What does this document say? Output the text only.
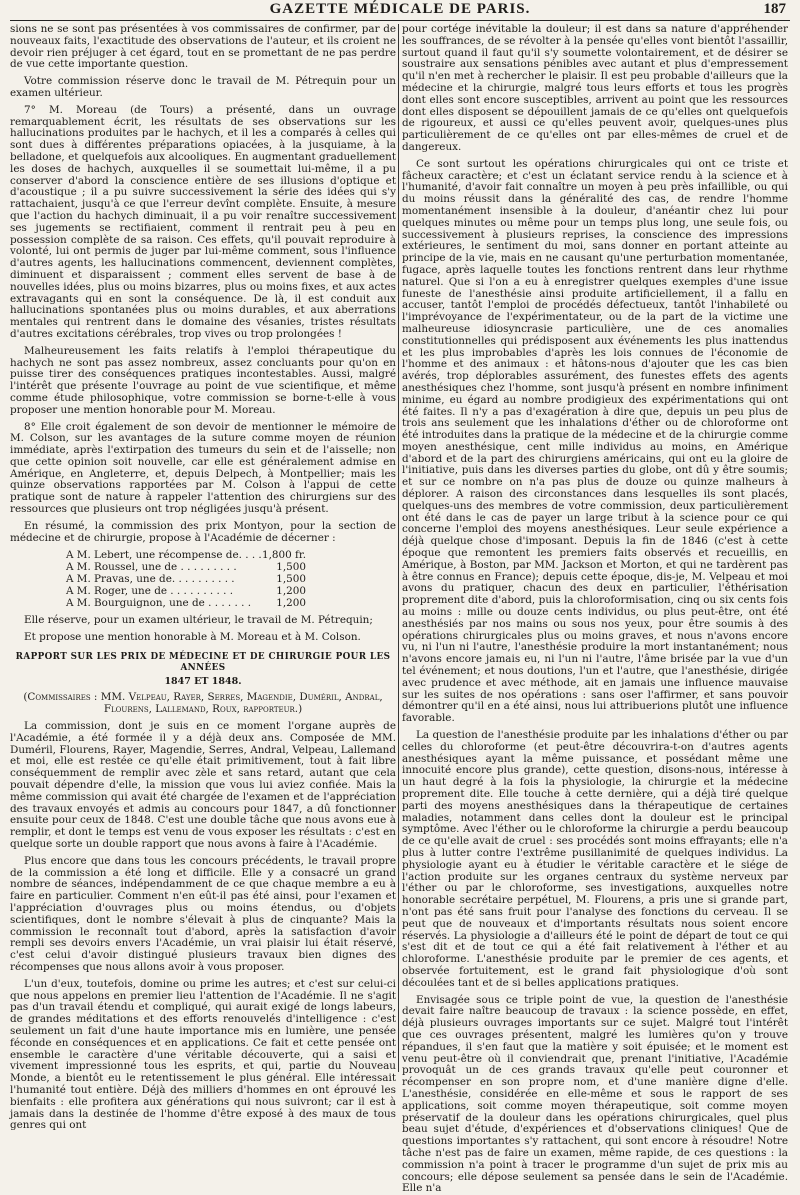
GAZETTE MÉDICALE DE PARIS.	187

sions ne se sont pas présentées à vos commissaires de confirmer, par de nouveaux faits, l'exactitude des observations de l'auteur, et ils croient ne devoir rien préjuger à cet égard, tout en se promettant de ne pas perdre de vue cette importante question.

Votre commission réserve donc le travail de M. Pétrequin pour un examen ultérieur.

7° M. Moreau (de Tours) a présenté, dans un ouvrage remarquablement écrit, les résultats de ses observations sur les hallucinations produites par le hachych, et il les a comparés à celles qui sont dues à différentes préparations opiacées, à la jusquiame, à la belladone, et quelquefois aux alcooliques. En augmentant graduellement les doses de hachych, auxquelles il se soumettait lui-même, il a pu conserver d'abord la conscience entière de ses illusions d'optique et d'acoustique ; il a pu suivre successivement la série des idées qui s'y rattachaient, jusqu'à ce que l'erreur devînt complète. Ensuite, à mesure que l'action du hachych diminuait, il a pu voir renaître successivement ses jugements se rectifiaient, comment il rentrait peu à peu en possession complète de sa raison. Ces effets, qu'il pouvait reproduire à volonté, lui ont permis de juger par lui-même comment, sous l'influence d'autres agents, les hallucinations commencent, deviennent complètes, diminuent et disparaissent ; comment elles servent de base à de nouvelles idées, plus ou moins bizarres, plus ou moins fixes, et aux actes extravagants qui en sont la conséquence. De là, il est conduit aux hallucinations spontanées plus ou moins durables, et aux aberrations mentales qui rentrent dans le domaine des vésanies, tristes résultats d'autres excitations cérébrales, trop vives ou trop prolongées !

Malheureusement les faits relatifs à l'emploi thérapeutique du hachych ne sont pas assez nombreux, assez concluants pour qu'on en puisse tirer des conséquences pratiques incontestables. Aussi, malgré l'intérêt que présente l'ouvrage au point de vue scientifique, et même comme étude philosophique, votre commission se borne-t-elle à vous proposer une mention honorable pour M. Moreau.

8° Elle croit également de son devoir de mentionner le mémoire de M. Colson, sur les avantages de la suture comme moyen de réunion immédiate, après l'extirpation des tumeurs du sein et de l'aisselle; non que cette opinion soit nouvelle, car elle est généralement admise en Amérique, en Angleterre, et, depuis Delpech, à Montpellier; mais les quinze observations rapportées par M. Colson à l'appui de cette pratique sont de nature à rappeler l'attention des chirurgiens sur des ressources que plusieurs ont trop négligées jusqu'à présent.

En résumé, la commission des prix Montyon, pour la section de médecine et de chirurgie, propose à l'Académie de décerner :

A M. Lebert, une récompense de. . . . 1,800 fr.
A M. Roussel, une de . . . . . . . . .	1,500
A M. Pravas, une de. . . . . . . . . .	1,500
A M. Roger, une de . . . . . . . . . .	1,200
A M. Bourguignon, une de . . . . . . .	1,200

Elle réserve, pour un examen ultérieur, le travail de M. Pétrequin;

Et propose une mention honorable à M. Moreau et à M. Colson.

RAPPORT SUR LES PRIX DE MÉDECINE ET DE CHIRURGIE POUR LES ANNÉES
1847 ET 1848.
(Commissaires : MM. Velpeau, Rayer, Serres, Magendie, Duméril, Andral, Flourens, Lallemand, Roux, rapporteur.)

La commission, dont je suis en ce moment l'organe auprès de l'Académie, a été formée il y a déjà deux ans. Composée de MM. Duméril, Flourens, Rayer, Magendie, Serres, Andral, Velpeau, Lallemand et moi, elle est restée ce qu'elle était primitivement, tout à fait libre conséquemment de remplir avec zèle et sans retard, autant que cela pouvait dépendre d'elle, la mission que vous lui aviez confiée. Mais la même commission qui avait été chargée de l'examen et de l'appréciation des travaux envoyés et admis au concours pour 1847, a dû fonctionner ensuite pour ceux de 1848. C'est une double tâche que nous avons eue à remplir, et dont le temps est venu de vous exposer les résultats : c'est en quelque sorte un double rapport que nous avons à faire à l'Académie.

Plus encore que dans tous les concours précédents, le travail propre de la commission a été long et difficile. Elle y a consacré un grand nombre de séances, indépendamment de ce que chaque membre a eu à faire en particulier. Comment n'en eût-il pas été ainsi, pour l'examen et l'appréciation d'ouvrages plus ou moins étendus, ou d'objets scientifiques, dont le nombre s'élevait à plus de cinquante? Mais la commission le reconnaît tout d'abord, après la satisfaction d'avoir rempli ses devoirs envers l'Académie, un vrai plaisir lui était réservé, c'est celui d'avoir distingué plusieurs travaux bien dignes des récompenses que nous allons avoir à vous proposer.

L'un d'eux, toutefois, domine ou prime les autres; et c'est sur celui-ci que nous appelons en premier lieu l'attention de l'Académie. Il ne s'agit pas d'un travail étendu et compliqué, qui aurait exigé de longs labeurs, de grandes méditations et des efforts renouvelés d'intelligence : c'est seulement un fait d'une haute importance mis en lumière, une pensée féconde en conséquences et en applications. Ce fait et cette pensée ont ensemble le caractère d'une véritable découverte, qui a saisi et vivement impressionné tous les esprits, et qui, partie du Nouveau Monde, a bientôt eu le retentissement le plus général. Elle intéressait l'humanité tout entière. Déjà des milliers d'hommes en ont éprouvé les bienfaits : elle profitera aux générations qui nous suivront; car il est à jamais dans la destinée de l'homme d'être exposé à des maux de tous genres qui ont

pour cortége inévitable la douleur; il est dans sa nature d'appréhender les souffrances, de se révolter à la pensée qu'elles vont bientôt l'assaillir, surtout quand il faut qu'il s'y soumette volontairement, et de désirer se soustraire aux sensations pénibles avec autant et plus d'empressement qu'il n'en met à rechercher le plaisir. Il est peu probable d'ailleurs que la médecine et la chirurgie, malgré tous leurs efforts et tous les progrès dont elles sont encore susceptibles, arrivent au point que les ressources dont elles disposent se dépouillent jamais de ce qu'elles ont quelquefois de rigoureux, et aussi ce qu'elles peuvent avoir, quelques-unes plus particulièrement de ce qu'elles ont par elles-mêmes de cruel et de dangereux.

Ce sont surtout les opérations chirurgicales qui ont ce triste et fâcheux caractère; et c'est un éclatant service rendu à la science et à l'humanité, d'avoir fait connaître un moyen à peu près infaillible, ou qui du moins réussit dans la généralité des cas, de rendre l'homme momentanément insensible à la douleur, d'anéantir chez lui pour quelques minutes ou même pour un temps plus long, une seule fois, ou successivement à plusieurs reprises, la conscience des impressions extérieures, le sentiment du moi, sans donner en portant atteinte au principe de la vie, mais en ne causant qu'une perturbation momentanée, fugace, après laquelle toutes les fonctions rentrent dans leur rhythme naturel. Que si l'on a eu à enregistrer quelques exemples d'une issue funeste de l'anesthésie ainsi produite artificiellement, il a fallu en accuser, tantôt l'emploi de procédés défectueux, tantôt l'inhabileté ou l'imprévoyance de l'expérimentateur, ou de la part de la victime une malheureuse idiosyncrasie particulière, une de ces anomalies constitutionnelles qui prédisposent aux événements les plus inattendus et les plus improbables d'après les lois connues de l'économie de l'homme et des animaux : et hâtons-nous d'ajouter que les cas bien avérés, trop déplorables assurément, des funestes effets des agents anesthésiques chez l'homme, sont jusqu'à présent en nombre infiniment minime, eu égard au nombre prodigieux des expérimentations qui ont été faites. Il n'y a pas d'exagération à dire que, depuis un peu plus de trois ans seulement que les inhalations d'éther ou de chloroforme ont été introduites dans la pratique de la médecine et de la chirurgie comme moyen anesthésique, cent mille individus au moins, en Amérique d'abord et de la part des chirurgiens américains, qui ont eu la gloire de l'initiative, puis dans les diverses parties du globe, ont dû y être soumis; et sur ce nombre on n'a pas plus de douze ou quinze malheurs à déplorer. A raison des circonstances dans lesquelles ils sont placés, quelques-uns des membres de votre commission, deux particulièrement ont été dans le cas de payer un large tribut à la science pour ce qui concerne l'emploi des moyens anesthésiques. Leur seule expérience a déjà quelque chose d'imposant. Depuis la fin de 1846 (c'est à cette époque que remontent les premiers faits observés et recueillis, en Amérique, à Boston, par MM. Jackson et Morton, et qui ne tardèrent pas à être connus en France); depuis cette époque, dis-je, M. Velpeau et moi avons du pratiquer, chacun des deux en particulier, l'éthérisation proprement dite d'abord, puis la chloroformisation, cinq ou six cents fois au moins : mille ou douze cents individus, ou plus peut-être, ont été anesthésiés par nos mains ou sous nos yeux, pour être soumis à des opérations chirurgicales plus ou moins graves, et nous n'avons encore vu, ni l'un ni l'autre, l'anesthésie produire la mort instantanément; nous n'avons encore jamais eu, ni l'un ni l'autre, l'âme brisée par la vue d'un tel événement; et nous doutions, l'un et l'autre, que l'anesthésie, dirigée avec prudence et avec méthode, ait en jamais une influence mauvaise sur les suites de nos opérations : sans oser l'affirmer, et sans pouvoir démontrer qu'il en a été ainsi, nous lui attribuerions plutôt une influence favorable.

La question de l'anesthésie produite par les inhalations d'éther ou par celles du chloroforme (et peut-être découvrira-t-on d'autres agents anesthésiques ayant la même puissance, et possédant même une innocuité encore plus grande), cette question, disons-nous, intéresse à un haut degré à la fois la physiologie, la chirurgie et la médecine proprement dite. Elle touche à cette dernière, qui a déjà tiré quelque parti des moyens anesthésiques dans la thérapeutique de certaines maladies, notamment dans celles dont la douleur est le principal symptôme. Avec l'éther ou le chloroforme la chirurgie a perdu beaucoup de ce qu'elle avait de cruel : ses procédés sont moins effrayants; elle n'a plus à lutter contre l'extrême pusillanimité de quelques individus. La physiologie ayant eu à étudier le véritable caractère et le siége de l'action produite sur les organes centraux du système nerveux par l'éther ou par le chloroforme, ses investigations, auxquelles notre honorable secrétaire perpétuel, M. Flourens, a pris une si grande part, n'ont pas été sans fruit pour l'analyse des fonctions du cerveau. Il se peut que de nouveaux et d'importants résultats nous soient encore réservés. La physiologie a d'ailleurs été le point de départ de tout ce qui s'est dit et de tout ce qui a été fait relativement à l'éther et au chloroforme. L'anesthésie produite par le premier de ces agents, et observée fortuitement, est le grand fait physiologique d'où sont découlées tant et de si belles applications pratiques.

Envisagée sous ce triple point de vue, la question de l'anesthésie devait faire naître beaucoup de travaux : la science possède, en effet, déjà plusieurs ouvrages importants sur ce sujet. Malgré tout l'intérêt que ces ouvrages présentent, malgré les lumières qu'on y trouve répandues, il s'en faut que la matière y soit épuisée; et le moment est venu peut-être où il conviendrait que, prenant l'initiative, l'Académie provoquât un de ces grands travaux qu'elle peut couronner et récompenser en son propre nom, et d'une manière digne d'elle. L'anesthésie, considérée en elle-même et sous le rapport de ses applications, soit comme moyen thérapeutique, soit comme moyen préservatif de la douleur dans les opérations chirurgicales, quel plus beau sujet d'étude, d'expériences et d'observations cliniques! Que de questions importantes s'y rattachent, qui sont encore à résoudre! Notre tâche n'est pas de faire un examen, même rapide, de ces questions : la commission n'a point à tracer le programme d'un sujet de prix mis au concours; elle dépose seulement sa pensée dans le sein de l'Académie. Elle n'a
